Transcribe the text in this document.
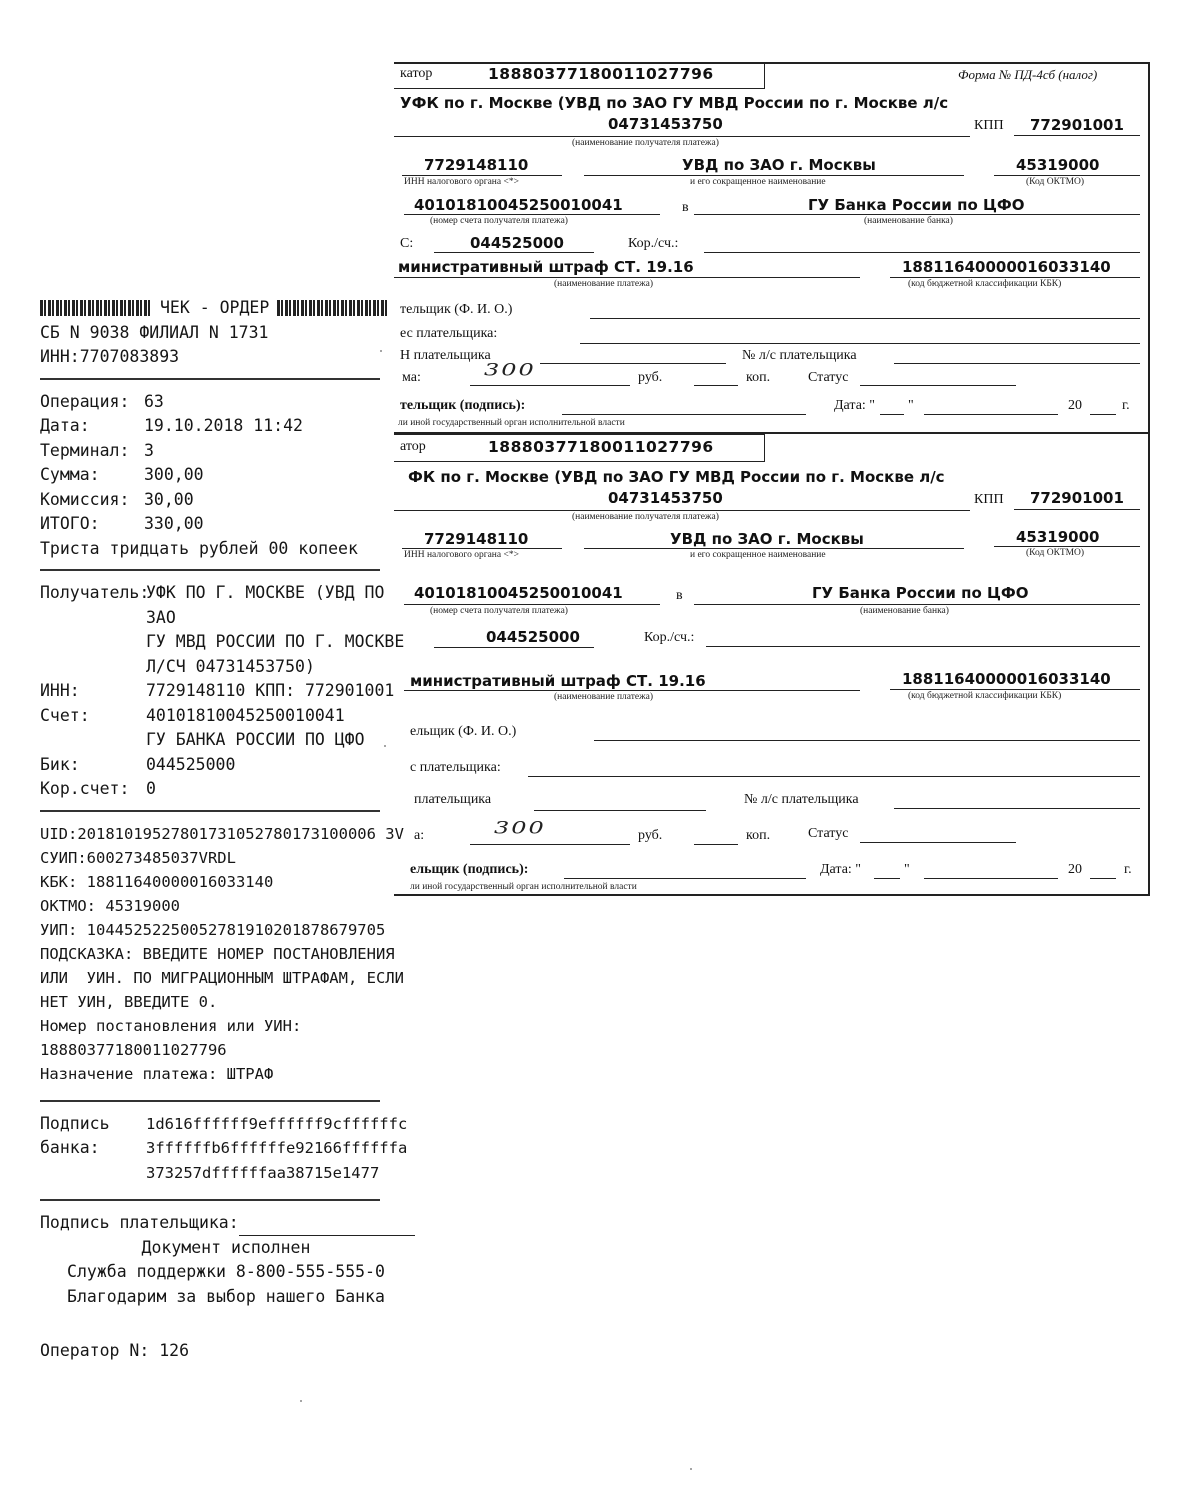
ЧЕК - ОРДЕР
СБ N 9038 ФИЛИАЛ N 1731
ИНН:7707083893
Операция: 63
Дата:	19.10.2018 11:42
Терминал: 3
Сумма:	300,00
Комиссия: 30,00
ИТОГО:	330,00
Триста тридцать рублей 00 копеек
Получатель:
УФК ПО Г. МОСКВЕ (УВД ПО ЗАО
ГУ МВД РОССИИ ПО Г. МОСКВЕ
Л/СЧ 04731453750)
ИНН:	7729148110 КПП: 772901001
Счет:	40101810045250010041
ГУ БАНКА РОССИИ ПО ЦФО
Бик:	044525000
Кор.счет:	0
UID:20181019527801731052780173100006 3V
СУИП:600273485037VRDL
КБК: 18811640000016033140
ОКТМО: 45319000
УИП: 10445252250052781910201878679705
ПОДСКАЗКА: ВВЕДИТЕ НОМЕР ПОСТАНОВЛЕНИЯ
ИЛИ  УИН. ПО МИГРАЦИОННЫМ ШТРАФАМ, ЕСЛИ
НЕТ УИН, ВВЕДИТЕ 0.
Номер постановления или УИН:
18880377180011027796
Назначение платежа: ШТРАФ
Подпись
банка:
1d616ffffff9effffff9cffffffc
3ffffffb6ffffffe92166ffffffa
373257dffffffaa38715e1477
Подпись плательщика:
Документ исполнен
Служба поддержки 8-800-555-555-0
Благодарим за выбор нашего Банка
Оператор N: 126
катор	18880377180011027796	Форма № ПД-4сб (налог)
УФК по г. Москве (УВД по ЗАО ГУ МВД России по г. Москве л/с
04731453750	КПП 772901001
(наименование получателя платежа)
7729148110	УВД по ЗАО г. Москвы	45319000
ИНН налогового органа <*>	и его сокращенное наименование	(Код ОКТМО)
40101810045250010041	в	ГУ Банка России по ЦФО
(номер счета получателя платежа)	(наименование банка)
С:	044525000	Кор./сч.:
министративный штраф СТ. 19.16	18811640000016033140
(наименование платежа)	(код бюджетной классификации КБК)
тельщик (Ф. И. О.)
ес плательщика:
Н плательщика	№ л/с плательщика
ма:	300	руб.	коп.	Статус
тельщик (подпись):	Дата: " "	20	г.
ли иной государственный орган исполнительной власти
атор	18880377180011027796
ФК по г. Москве (УВД по ЗАО ГУ МВД России по г. Москве л/с
04731453750	КПП 772901001
(наименование получателя платежа)
7729148110	УВД по ЗАО г. Москвы	45319000
ИНН налогового органа <*>	и его сокращенное наименование	(Код ОКТМО)
40101810045250010041	в	ГУ Банка России по ЦФО
(номер счета получателя платежа)	(наименование банка)
044525000	Кор./сч.:
министративный штраф СТ. 19.16	18811640000016033140
(наименование платежа)	(код бюджетной классификации КБК)
ельщик (Ф. И. О.)
с плательщика:
плательщика	№ л/с плательщика
а:	300	руб.	коп.	Статус
ельщик (подпись):	Дата: "	"	20	г.
ли иной государственный орган исполнительной власти
